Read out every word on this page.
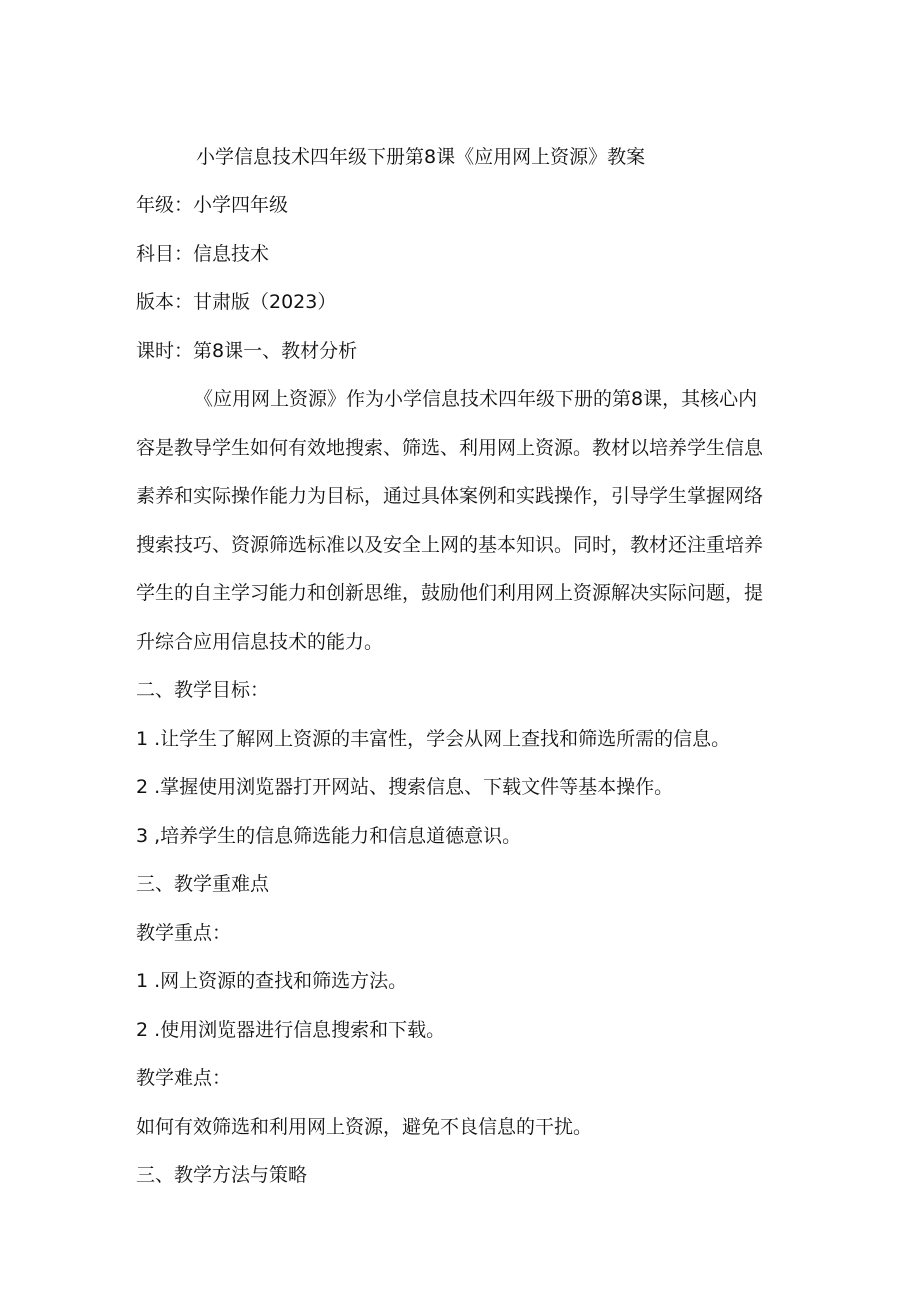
小学信息技术四年级下册第8课《应用网上资源》教案
年级：小学四年级
科目：信息技术
版本：甘肃版（2023）
课时：第8课一、教材分析
《应用网上资源》作为小学信息技术四年级下册的第8课，其核心内
容是教导学生如何有效地搜索、筛选、利用网上资源。教材以培养学生信息
素养和实际操作能力为目标，通过具体案例和实践操作，引导学生掌握网络
搜索技巧、资源筛选标准以及安全上网的基本知识。同时，教材还注重培养
学生的自主学习能力和创新思维，鼓励他们利用网上资源解决实际问题，提
升综合应用信息技术的能力。
二、教学目标：
1 .让学生了解网上资源的丰富性，学会从网上查找和筛选所需的信息。
2 .掌握使用浏览器打开网站、搜索信息、下载文件等基本操作。
3 ,培养学生的信息筛选能力和信息道德意识。
三、教学重难点
教学重点：
1 .网上资源的查找和筛选方法。
2 .使用浏览器进行信息搜索和下载。
教学难点：
如何有效筛选和利用网上资源，避免不良信息的干扰。
三、教学方法与策略
